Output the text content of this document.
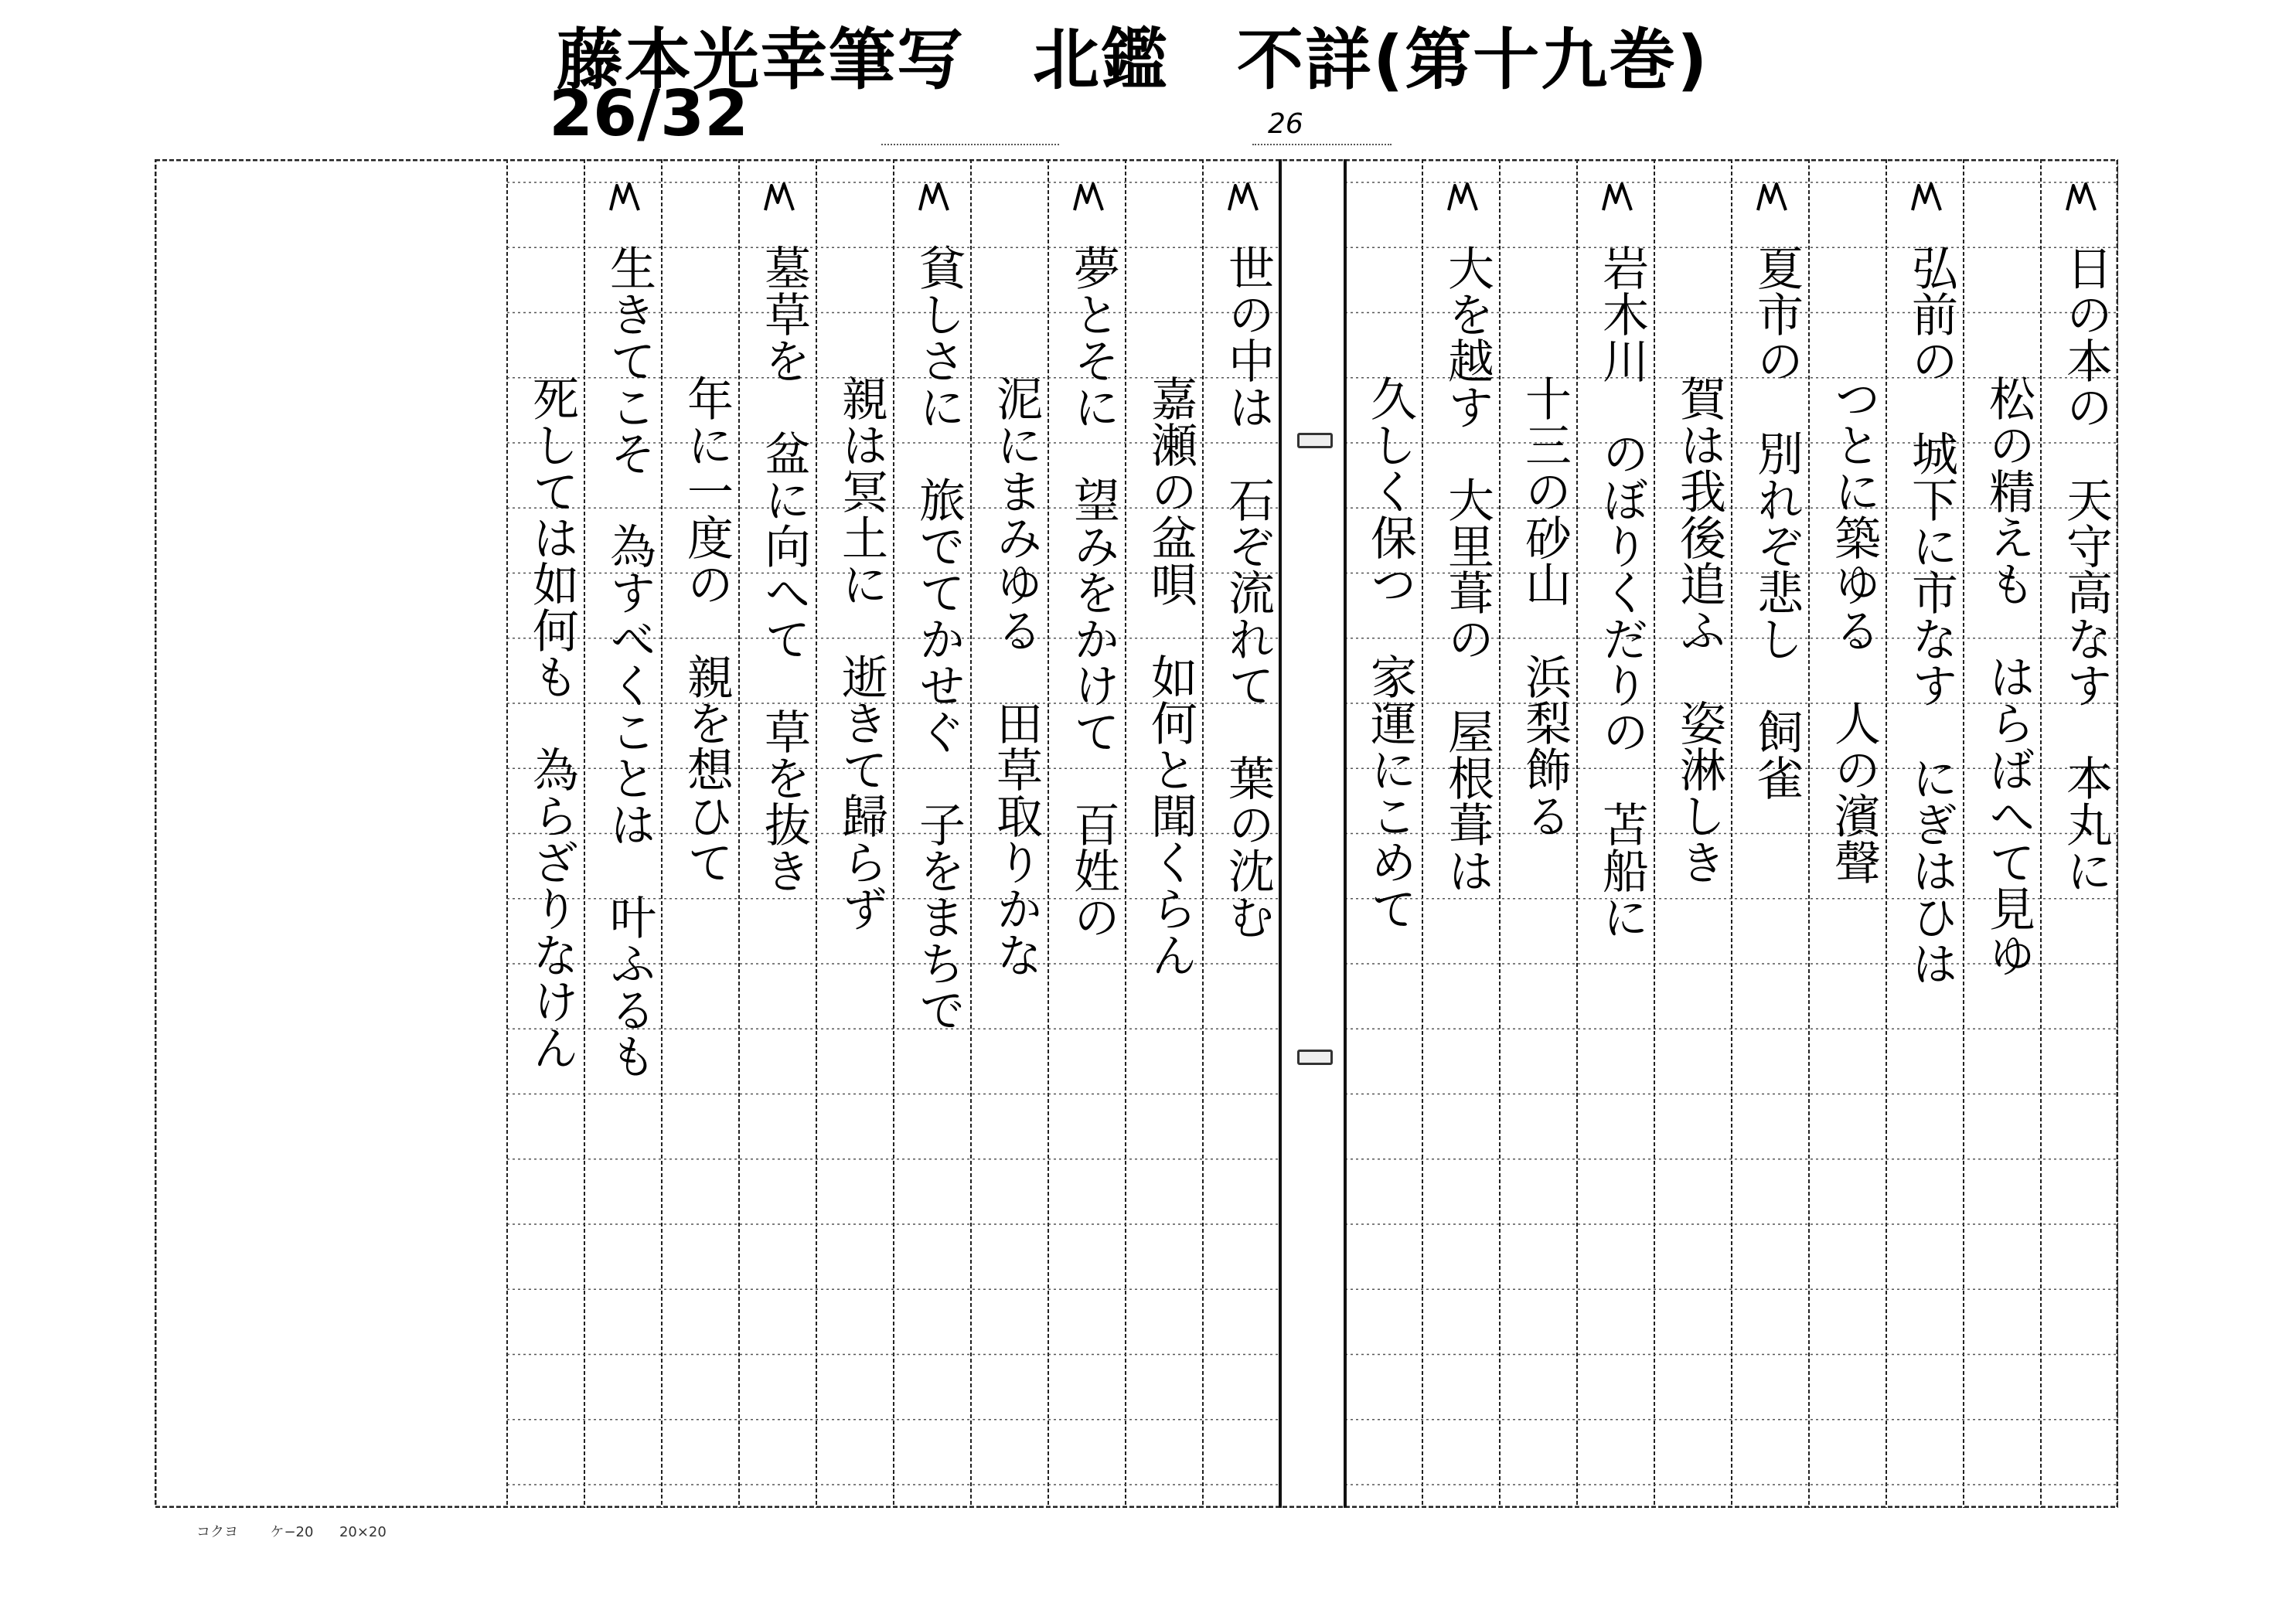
藤本光幸筆写　北鑑　不詳(第十九巻)
26/32	26
日の本の　天守高なす　本丸に
松の精えも　はらばへて見ゆ
弘前の　城下に市なす　にぎはひは
つとに築ゆる　人の濱聲
夏市の　別れぞ悲し　飼雀
賀は我後追ふ　姿淋しき
岩木川　のぼりくだりの　苫船に
十三の砂山　浜梨飾る
大を越す　大里葺の　屋根葺は
久しく保つ　家運にこめて
世の中は　石ぞ流れて　葉の沈む
嘉瀬の盆唄　如何と聞くらん
夢とそに　望みをかけて　百姓の
泥にまみゆる　田草取りかな
貧しさに　旅でてかせぐ　子をまちで
親は冥土に　逝きて歸らず
墓草を　盆に向へて　草を抜き
年に一度の　親を想ひて
生きてこそ　為すべくことは　叶ふるも
死しては如何も　為らざりなけん
コクヨ ケ−20 20×20
